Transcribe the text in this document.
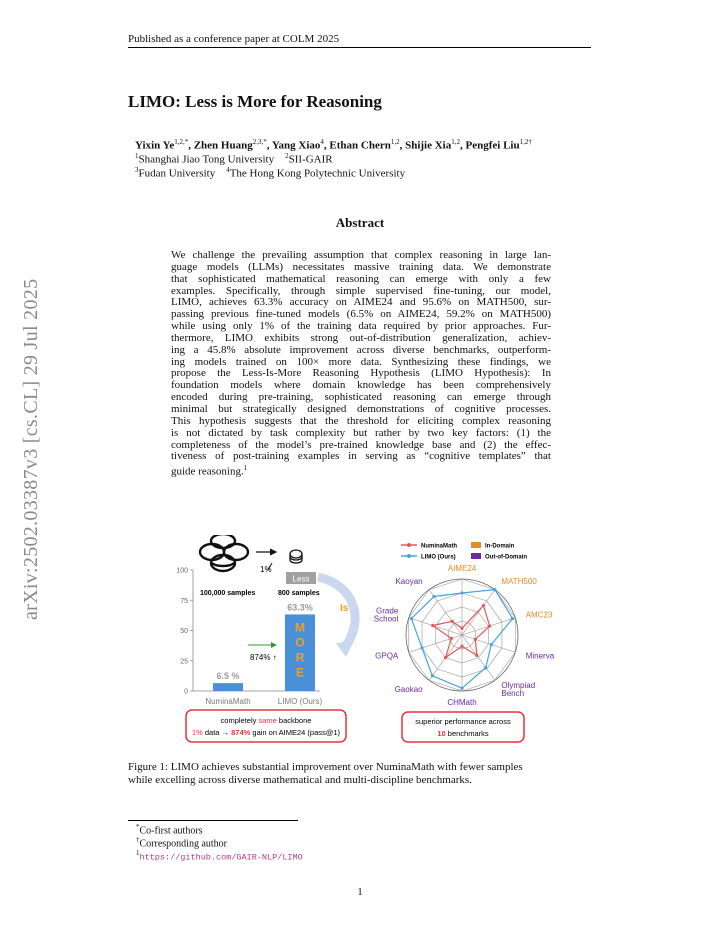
Published as a conference paper at COLM 2025
arXiv:2502.03387v3 [cs.CL] 29 Jul 2025
LIMO: Less is More for Reasoning
Yixin $Ye^{1,2,*}$, Zhen Huang$^{2,3,*}$, Yang Xiao$^4$, Ethan Chern$^{1,2}$, Shijie Xia$^{1,2}$, Pengfei Liu$^{1,2\dagger}$
$^1$Shanghai Jiao Tong University $^2$SII-GAIR
$^3$Fudan University $^4$The Hong Kong Polytechnic University
Abstract
We challenge the prevailing assumption that complex reasoning in large lan-
guage models (LLMs) necessitates massive training data. We demonstrate
that sophisticated mathematical reasoning can emerge with only a few
examples. Specifically, through simple supervised fine-tuning, our model,
LIMO, achieves 63.3% accuracy on AIME24 and 95.6% on MATH500, sur-
passing previous fine-tuned models (6.5% on AIME24, 59.2% on MATH500)
while using only 1% of the training data required by prior approaches. Fur-
thermore, LIMO exhibits strong out-of-distribution generalization, achiev-
ing a 45.8% absolute improvement across diverse benchmarks, outperform-
ing models trained on 100× more data. Synthesizing these findings, we
propose the Less-Is-More Reasoning Hypothesis (LIMO Hypothesis): In
foundation models where domain knowledge has been comprehensively
encoded during pre-training, sophisticated reasoning can emerge through
minimal but strategically designed demonstrations of cognitive processes.
This hypothesis suggests that the threshold for eliciting complex reasoning
is not dictated by task complexity but rather by two key factors: (1) the
completeness of the model’s pre-trained knowledge base and (2) the effec-
tiveness of post-training examples in serving as “cognitive templates” that
guide reasoning.$^1$
1%
100,000 samples	800 samples
Less
Is
100
75
50
25
0
6.5 %
63.3%
NuminaMath	LIMO (Ours)
M
O
R
E
874% ↑
completely same backbone
1% data → 874% gain on AIME24 (pass@1)
NuminaMath
LIMO (Ours)
In-Domain
Out-of-Domain
AIME24
MATH500
AMC23
Minerva
Olympiad Bench
CHMath
Gaokao
GPQA
Grade School
Kaoyan
superior performance across
10 benchmarks
Figure 1: LIMO achieves substantial improvement over NuminaMath with fewer samples
while excelling across diverse mathematical and multi-discipline benchmarks.
*Co-first authors
†Corresponding author
$^1$https://github.com/GAIR-NLP/LIMO
1
